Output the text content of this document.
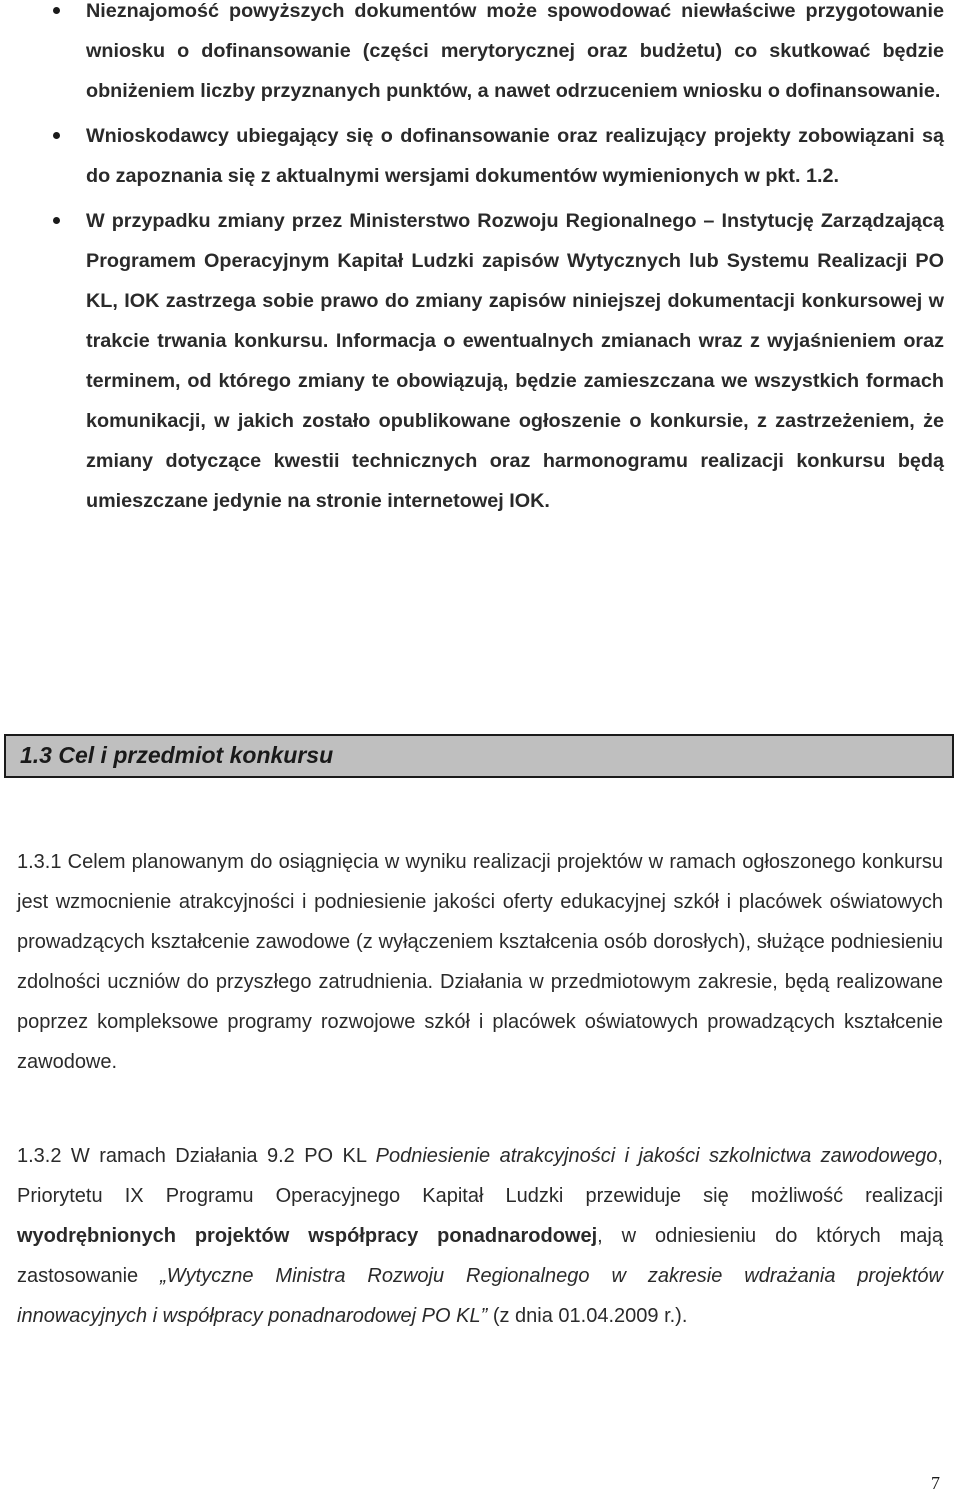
Nieznajomość powyższych dokumentów może spowodować niewłaściwe przygotowanie wniosku o dofinansowanie (części merytorycznej oraz budżetu) co skutkować będzie obniżeniem liczby przyznanych punktów, a nawet odrzuceniem wniosku o dofinansowanie.
Wnioskodawcy ubiegający się o dofinansowanie oraz realizujący projekty zobowiązani są do zapoznania się z aktualnymi wersjami dokumentów wymienionych w pkt. 1.2.
W przypadku zmiany przez Ministerstwo Rozwoju Regionalnego – Instytucję Zarządzającą Programem Operacyjnym Kapitał Ludzki zapisów Wytycznych lub Systemu Realizacji PO KL, IOK zastrzega sobie prawo do zmiany zapisów niniejszej dokumentacji konkursowej w trakcie trwania konkursu. Informacja o ewentualnych zmianach wraz z wyjaśnieniem oraz terminem, od którego zmiany te obowiązują, będzie zamieszczana we wszystkich formach komunikacji, w jakich zostało opublikowane ogłoszenie o konkursie, z zastrzeżeniem, że zmiany dotyczące kwestii technicznych oraz harmonogramu realizacji konkursu będą umieszczane jedynie na stronie internetowej IOK.
1.3 Cel i przedmiot konkursu

1.3.1 Celem planowanym do osiągnięcia w wyniku realizacji projektów w ramach ogłoszonego konkursu jest wzmocnienie atrakcyjności i podniesienie jakości oferty edukacyjnej szkół i placówek oświatowych prowadzących kształcenie zawodowe (z wyłączeniem kształcenia osób dorosłych), służące podniesieniu zdolności uczniów do przyszłego zatrudnienia. Działania w przedmiotowym zakresie, będą realizowane poprzez kompleksowe programy rozwojowe szkół i placówek oświatowych prowadzących kształcenie zawodowe.

1.3.2 W ramach Działania 9.2 PO KL Podniesienie atrakcyjności i jakości szkolnictwa zawodowego, Priorytetu IX Programu Operacyjnego Kapitał Ludzki przewiduje się możliwość realizacji wyodrębnionych projektów współpracy ponadnarodowej, w odniesieniu do których mają zastosowanie „Wytyczne Ministra Rozwoju Regionalnego w zakresie wdrażania projektów innowacyjnych i współpracy ponadnarodowej PO KL” (z dnia 01.04.2009 r.).

7
